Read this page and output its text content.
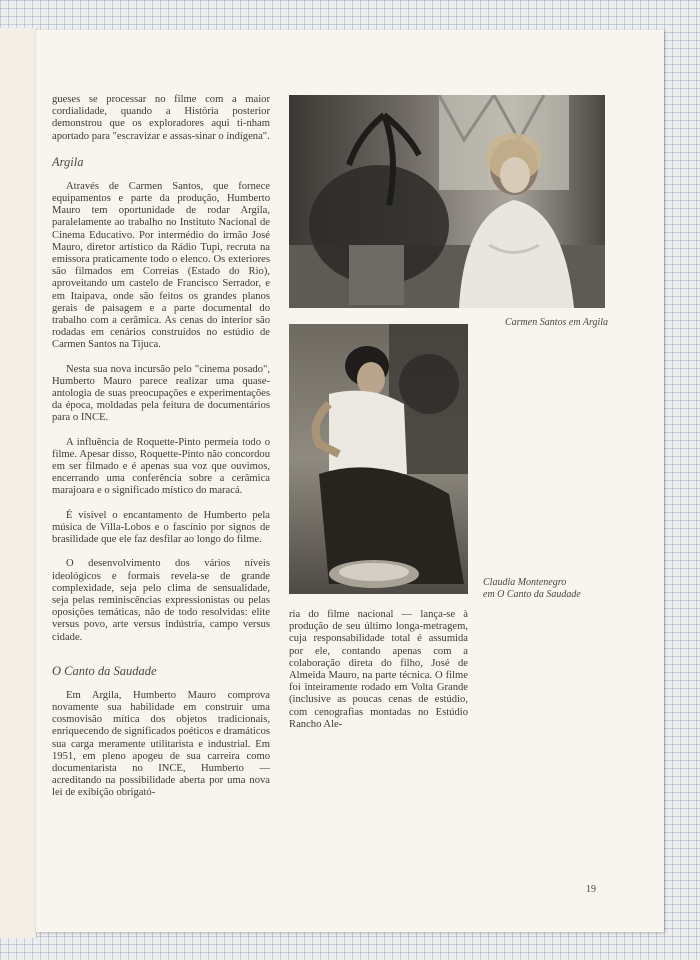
gueses se processar no filme com a maior cordialidade, quando a História posterior demonstrou que os exploradores aqui ti-nham aportado para "escravizar e assas-sinar o indígena".

Argila

Através de Carmen Santos, que fornece equipamentos e parte da produção, Humberto Mauro tem oportunidade de rodar Argila, paralelamente ao trabalho no Instituto Nacional de Cinema Educativo. Por intermédio do irmão José Mauro, diretor artístico da Rádio Tupi, recruta na emissora praticamente todo o elenco. Os exteriores são filmados em Correias (Estado do Rio), aproveitando um castelo de Francisco Serrador, e em Itaipava, onde são feitos os grandes planos gerais de paisagem e a parte documental do trabalho com a cerâmica. As cenas do interior são rodadas em cenários construídos no estúdio de Carmen Santos na Tijuca.

Nesta sua nova incursão pelo "cinema posado", Humberto Mauro parece realizar uma quase-antologia de suas preocupações e experimentações da época, moldadas pela feitura de documentários para o INCE.

A influência de Roquette-Pinto permeia todo o filme. Apesar disso, Roquette-Pinto não concordou em ser filmado e é apenas sua voz que ouvimos, encerrando uma conferência sobre a cerâmica marajoara e o significado místico do maracá.

É visível o encantamento de Humberto pela música de Villa-Lobos e o fascínio por signos de brasilidade que ele faz desfilar ao longo do filme.

O desenvolvimento dos vários níveis ideológicos e formais revela-se de grande complexidade, seja pelo clima de sensualidade, seja pelas reminiscências expressionistas ou pelas oposições temáticas, não de todo resolvidas: elite versus povo, arte versus indústria, campo versus cidade.

O Canto da Saudade

Em Argila, Humberto Mauro comprova novamente sua habilidade em construir uma cosmovisão mítica dos objetos tradicionais, enriquecendo de significados poéticos e dramáticos sua carga meramente utilitarista e industrial. Em 1951, em pleno apogeu de sua carreira como documentarista no INCE, Humberto — acreditando na possibilidade aberta por uma nova lei de exibição obrigató-

ria do filme nacional — lança-se à produção de seu último longa-metragem, cuja responsabilidade total é assumida por ele, contando apenas com a colaboração direta do filho, José de Almeida Mauro, na parte técnica. O filme foi inteiramente rodado em Volta Grande (inclusive as poucas cenas de estúdio, com cenografias montadas no Estúdio Rancho Ale-

Carmen Santos em Argila
Claudia Montenegro
em O Canto da Saudade
19
